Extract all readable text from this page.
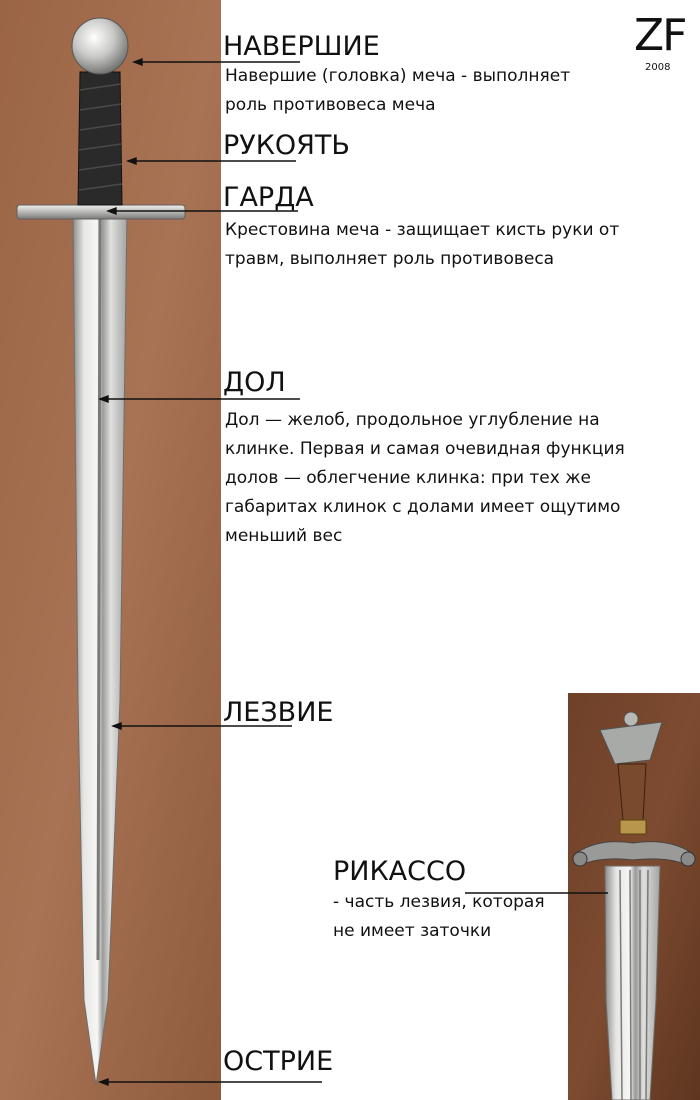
НАВЕРШИЕ
Навершие (головка) меча - выполняет
роль противовеса меча
РУКОЯТЬ
ГАРДА
Крестовина меча - защищает кисть руки от
травм, выполняет роль противовеса
ДОЛ
Дол — желоб, продольное углубление на
клинке. Первая и самая очевидная функция
долов — облегчение клинка: при тех же
габаритах клинок с долами имеет ощутимо
меньший вес
ЛЕЗВИЕ
РИКАССО
- часть лезвия, которая
не имеет заточки
ОСТРИЕ
ZF
2008
